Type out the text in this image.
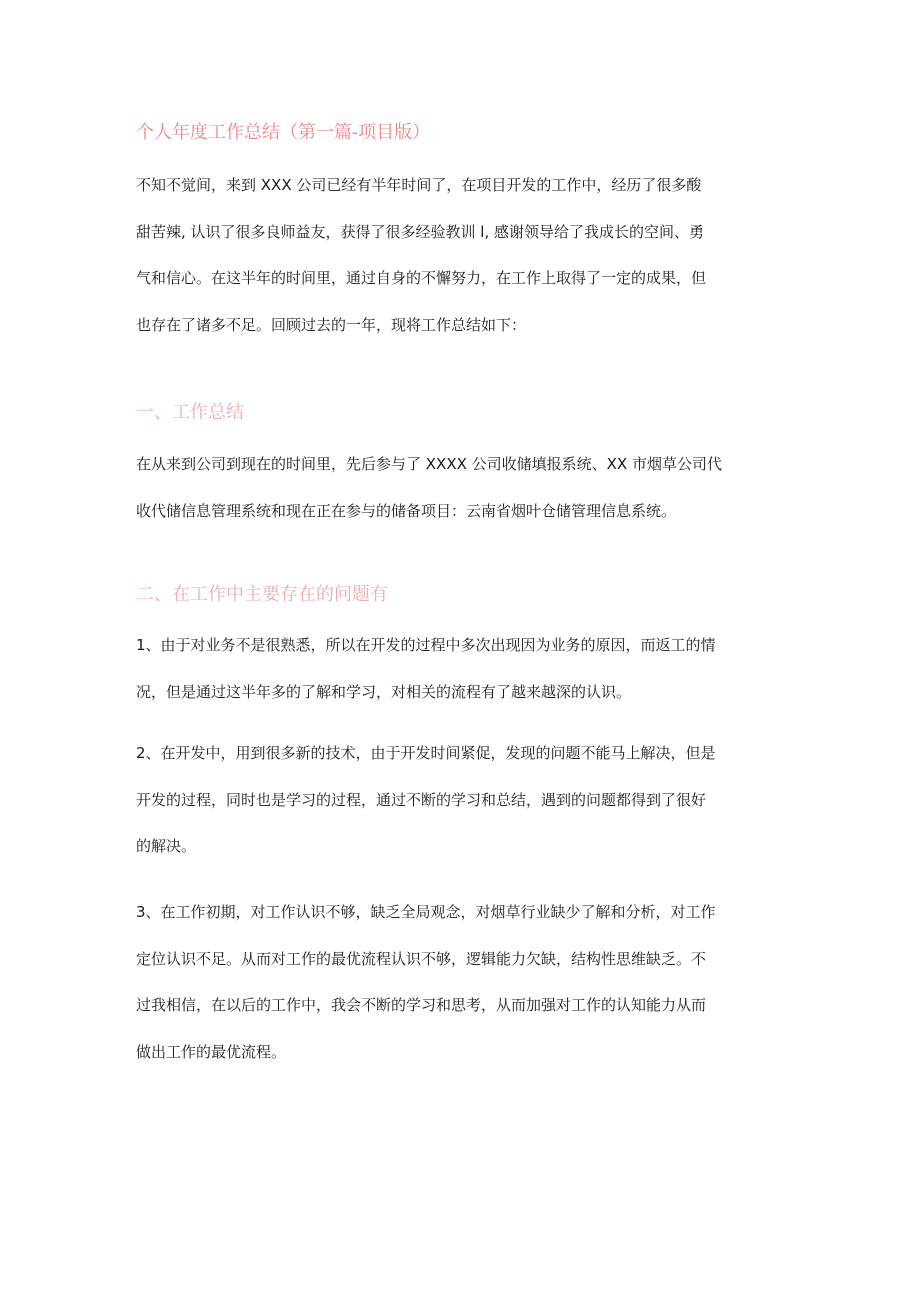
个人年度工作总结（第一篇-项目版）
不知不觉间，来到 XXX 公司已经有半年时间了，在项目开发的工作中，经历了很多酸
甜苦辣, 认识了很多良师益友，获得了很多经验教训 l, 感谢领导给了我成长的空间、勇
气和信心。在这半年的时间里，通过自身的不懈努力，在工作上取得了一定的成果，但
也存在了诸多不足。回顾过去的一年，现将工作总结如下：
一、工作总结
在从来到公司到现在的时间里，先后参与了 XXXX 公司收储填报系统、XX 市烟草公司代
收代储信息管理系统和现在正在参与的储备项目：云南省烟叶仓储管理信息系统。
二、在工作中主要存在的问题有
1、由于对业务不是很熟悉，所以在开发的过程中多次出现因为业务的原因，而返工的情
况，但是通过这半年多的了解和学习，对相关的流程有了越来越深的认识。
2、在开发中，用到很多新的技术，由于开发时间紧促，发现的问题不能马上解决，但是
开发的过程，同时也是学习的过程，通过不断的学习和总结，遇到的问题都得到了很好
的解决。
3、在工作初期，对工作认识不够，缺乏全局观念，对烟草行业缺少了解和分析，对工作
定位认识不足。从而对工作的最优流程认识不够，逻辑能力欠缺，结构性思维缺乏。不
过我相信，在以后的工作中，我会不断的学习和思考，从而加强对工作的认知能力从而
做出工作的最优流程。
